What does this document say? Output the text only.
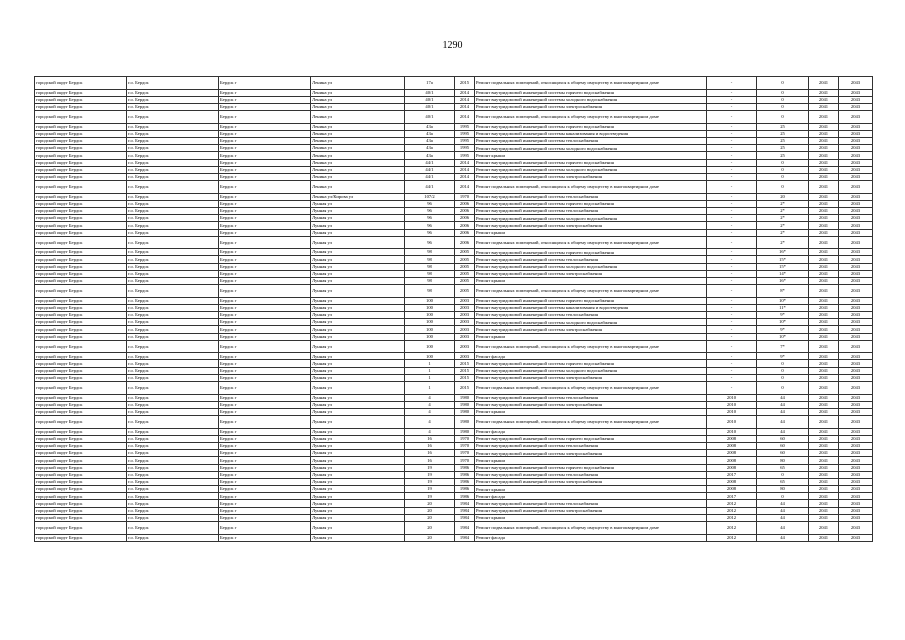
1290
городской округ Бердск	г.о. Бердск	Бердск г	Ленина ул	17а	2015	Ремонт подвальных помещений, относящихся к общему имуществу в многоквартирном доме	-	0	2041	2043
городской округ Бердск	г.о. Бердск	Бердск г	Ленина ул	40/1	2014	Ремонт внутридомовой инженерной системы горячего водоснабжения	-	0	2041	2043
городской округ Бердск	г.о. Бердск	Бердск г	Ленина ул	40/1	2014	Ремонт внутридомовой инженерной системы холодного водоснабжения	-	0	2041	2043
городской округ Бердск	г.о. Бердск	Бердск г	Ленина ул	40/1	2014	Ремонт внутридомовой инженерной системы электроснабжения	-	0	2041	2043
городской округ Бердск	г.о. Бердск	Бердск г	Ленина ул	40/1	2014	Ремонт подвальных помещений, относящихся к общему имуществу в многоквартирном доме	-	0	2041	2043
городской округ Бердск	г.о. Бердск	Бердск г	Ленина ул	43а	1995	Ремонт внутридомовой инженерной системы горячего водоснабжения	-	25	2041	2043
городской округ Бердск	г.о. Бердск	Бердск г	Ленина ул	43а	1995	Ремонт внутридомовой инженерной системы канализования и водоотведения	-	25	2041	2043
городской округ Бердск	г.о. Бердск	Бердск г	Ленина ул	43а	1995	Ремонт внутридомовой инженерной системы теплоснабжения	-	25	2041	2043
городской округ Бердск	г.о. Бердск	Бердск г	Ленина ул	43а	1995	Ремонт внутридомовой инженерной системы холодного водоснабжения	-	25	2041	2043
городской округ Бердск	г.о. Бердск	Бердск г	Ленина ул	43а	1995	Ремонт крыши	-	25	2041	2043
городской округ Бердск	г.о. Бердск	Бердск г	Ленина ул	44/1	2014	Ремонт внутридомовой инженерной системы горячего водоснабжения	-	0	2041	2043
городской округ Бердск	г.о. Бердск	Бердск г	Ленина ул	44/1	2014	Ремонт внутридомовой инженерной системы холодного водоснабжения	-	0	2041	2043
городской округ Бердск	г.о. Бердск	Бердск г	Ленина ул	44/1	2014	Ремонт внутридомовой инженерной системы электроснабжения	-	0	2041	2043
городской округ Бердск	г.о. Бердск	Бердск г	Ленина ул	44/1	2014	Ремонт подвальных помещений, относящихся к общему имуществу в многоквартирном доме	-	0	2041	2043
городской округ Бердск	г.о. Бердск	Бердск г	Ленина ул/Кирова ул	107/2	1970	Ремонт внутридомовой инженерной системы теплоснабжения	-	20	2041	2043
городской округ Бердск	г.о. Бердск	Бердск г	Лунная ул	96	2006	Ремонт внутридомовой инженерной системы горячего водоснабжения	-	2*	2041	2043
городской округ Бердск	г.о. Бердск	Бердск г	Лунная ул	96	2006	Ремонт внутридомовой инженерной системы теплоснабжения	-	2*	2041	2043
городской округ Бердск	г.о. Бердск	Бердск г	Лунная ул	96	2006	Ремонт внутридомовой инженерной системы холодного водоснабжения	-	2*	2041	2043
городской округ Бердск	г.о. Бердск	Бердск г	Лунная ул	96	2006	Ремонт внутридомовой инженерной системы электроснабжения	-	2*	2041	2043
городской округ Бердск	г.о. Бердск	Бердск г	Лунная ул	96	2006	Ремонт крыши	-	2*	2041	2043
городской округ Бердск	г.о. Бердск	Бердск г	Лунная ул	96	2006	Ремонт подвальных помещений, относящихся к общему имуществу в многоквартирном доме	-	2*	2041	2043
городской округ Бердск	г.о. Бердск	Бердск г	Лунная ул	98	2005	Ремонт внутридомовой инженерной системы горячего водоснабжения	-	16*	2041	2043
городской округ Бердск	г.о. Бердск	Бердск г	Лунная ул	98	2005	Ремонт внутридомовой инженерной системы теплоснабжения	-	15*	2041	2043
городской округ Бердск	г.о. Бердск	Бердск г	Лунная ул	98	2005	Ремонт внутридомовой инженерной системы холодного водоснабжения	-	15*	2041	2043
городской округ Бердск	г.о. Бердск	Бердск г	Лунная ул	98	2005	Ремонт внутридомовой инженерной системы электроснабжения	-	14*	2041	2043
городской округ Бердск	г.о. Бердск	Бердск г	Лунная ул	98	2005	Ремонт крыши	-	16*	2041	2043
городской округ Бердск	г.о. Бердск	Бердск г	Лунная ул	98	2005	Ремонт подвальных помещений, относящихся к общему имуществу в многоквартирном доме	-	8*	2041	2043
городской округ Бердск	г.о. Бердск	Бердск г	Лунная ул	100	2003	Ремонт внутридомовой инженерной системы горячего водоснабжения	-	10*	2041	2043
городской округ Бердск	г.о. Бердск	Бердск г	Лунная ул	100	2003	Ремонт внутридомовой инженерной системы канализования и водоотведения	-	11*	2041	2043
городской округ Бердск	г.о. Бердск	Бердск г	Лунная ул	100	2003	Ремонт внутридомовой инженерной системы теплоснабжения	-	9*	2041	2043
городской округ Бердск	г.о. Бердск	Бердск г	Лунная ул	100	2003	Ремонт внутридомовой инженерной системы холодного водоснабжения	-	10*	2041	2043
городской округ Бердск	г.о. Бердск	Бердск г	Лунная ул	100	2003	Ремонт внутридомовой инженерной системы электроснабжения	-	9*	2041	2043
городской округ Бердск	г.о. Бердск	Бердск г	Лунная ул	100	2003	Ремонт крыши	-	10*	2041	2043
городской округ Бердск	г.о. Бердск	Бердск г	Лунная ул	100	2003	Ремонт подвальных помещений, относящихся к общему имуществу в многоквартирном доме	-	7*	2041	2043
городской округ Бердск	г.о. Бердск	Бердск г	Лунная ул	100	2003	Ремонт фасада	-	9*	2041	2043
городской округ Бердск	г.о. Бердск	Бердск г	Лунная ул	1	2015	Ремонт внутридомовой инженерной системы горячего водоснабжения	-	0	2041	2043
городской округ Бердск	г.о. Бердск	Бердск г	Лунная ул	1	2015	Ремонт внутридомовой инженерной системы холодного водоснабжения	-	0	2041	2043
городской округ Бердск	г.о. Бердск	Бердск г	Лунная ул	1	2015	Ремонт внутридомовой инженерной системы электроснабжения	-	0	2041	2043
городской округ Бердск	г.о. Бердск	Бердск г	Лунная ул	1	2015	Ремонт подвальных помещений, относящихся к общему имуществу в многоквартирном доме	-	0	2041	2043
городской округ Бердск	г.о. Бердск	Бердск г	Лунная ул	4	1980	Ремонт внутридомовой инженерной системы теплоснабжения	2010	44	2041	2043
городской округ Бердск	г.о. Бердск	Бердск г	Лунная ул	4	1980	Ремонт внутридомовой инженерной системы электроснабжения	2010	44	2041	2043
городской округ Бердск	г.о. Бердск	Бердск г	Лунная ул	4	1980	Ремонт крыши	2010	44	2041	2043
городской округ Бердск	г.о. Бердск	Бердск г	Лунная ул	4	1980	Ремонт подвальных помещений, относящихся к общему имуществу в многоквартирном доме	2010	44	2041	2043
городской округ Бердск	г.о. Бердск	Бердск г	Лунная ул	4	1980	Ремонт фасада	2010	44	2041	2043
городской округ Бердск	г.о. Бердск	Бердск г	Лунная ул	16	1970	Ремонт внутридомовой инженерной системы горячего водоснабжения	2008	60	2041	2043
городской округ Бердск	г.о. Бердск	Бердск г	Лунная ул	16	1970	Ремонт внутридомовой инженерной системы теплоснабжения	2008	60	2041	2043
городской округ Бердск	г.о. Бердск	Бердск г	Лунная ул	16	1970	Ремонт внутридомовой инженерной системы электроснабжения	2008	60	2041	2043
городской округ Бердск	г.о. Бердск	Бердск г	Лунная ул	16	1970	Ремонт крыши	2008	80	2041	2043
городской округ Бердск	г.о. Бердск	Бердск г	Лунная ул	19	1986	Ремонт внутридомовой инженерной системы горячего водоснабжения	2008	65	2041	2043
городской округ Бердск	г.о. Бердск	Бердск г	Лунная ул	19	1986	Ремонт внутридомовой инженерной системы теплоснабжения	2017	0	2041	2043
городской округ Бердск	г.о. Бердск	Бердск г	Лунная ул	19	1986	Ремонт внутридомовой инженерной системы электроснабжения	2008	65	2041	2043
городской округ Бердск	г.о. Бердск	Бердск г	Лунная ул	19	1986	Ремонт крыши	2008	80	2041	2043
городской округ Бердск	г.о. Бердск	Бердск г	Лунная ул	19	1986	Ремонт фасада	2017	0	2041	2043
городской округ Бердск	г.о. Бердск	Бердск г	Лунная ул	20	1984	Ремонт внутридомовой инженерной системы теплоснабжения	2012	44	2041	2043
городской округ Бердск	г.о. Бердск	Бердск г	Лунная ул	20	1984	Ремонт внутридомовой инженерной системы электроснабжения	2012	44	2041	2043
городской округ Бердск	г.о. Бердск	Бердск г	Лунная ул	20	1984	Ремонт крыши	2012	44	2041	2043
городской округ Бердск	г.о. Бердск	Бердск г	Лунная ул	20	1984	Ремонт подвальных помещений, относящихся к общему имуществу в многоквартирном доме	2012	44	2041	2043
городской округ Бердск	г.о. Бердск	Бердск г	Лунная ул	20	1984	Ремонт фасада	2012	44	2041	2043
